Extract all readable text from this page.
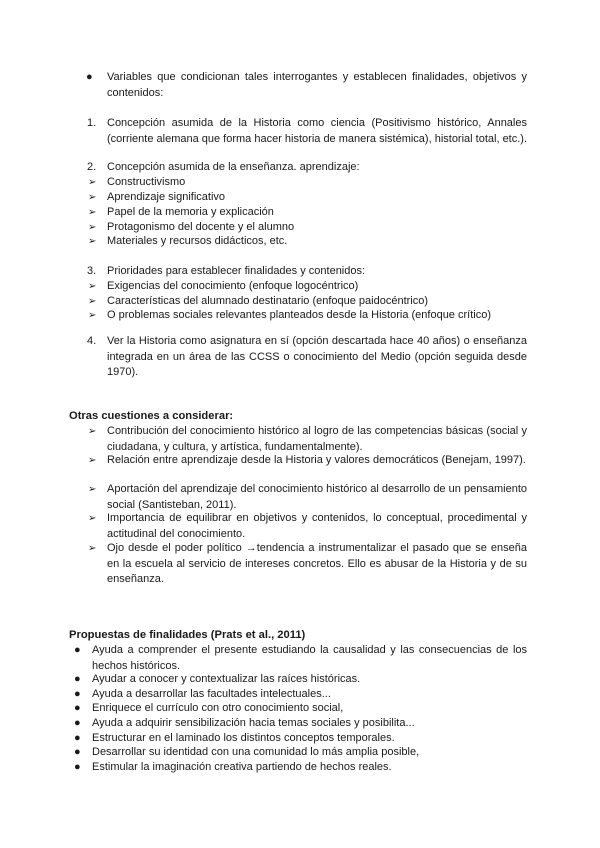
● Variables que condicionan tales interrogantes y establecen finalidades, objetivos y contenidos:
1. Concepción asumida de la Historia como ciencia (Positivismo histórico, Annales (corriente alemana que forma hacer historia de manera sistémica), historial total, etc.).
2. Concepción asumida de la enseñanza. aprendizaje:
➢ Constructivismo
➢ Aprendizaje significativo
➢ Papel de la memoria y explicación
➢ Protagonismo del docente y el alumno
➢ Materiales y recursos didácticos, etc.
3. Prioridades para establecer finalidades y contenidos:
➢ Exigencias del conocimiento (enfoque logocéntrico)
➢ Características del alumnado destinatario (enfoque paidocéntrico)
➢ O problemas sociales relevantes planteados desde la Historia (enfoque crítico)
4. Ver la Historia como asignatura en sí (opción descartada hace 40 años) o enseñanza integrada en un área de las CCSS o conocimiento del Medio (opción seguida desde 1970).
Otras cuestiones a considerar:
➢ Contribución del conocimiento histórico al logro de las competencias básicas (social y ciudadana, y cultura, y artística, fundamentalmente).
➢ Relación entre aprendizaje desde la Historia y valores democráticos (Benejam, 1997).
➢ Aportación del aprendizaje del conocimiento histórico al desarrollo de un pensamiento social (Santisteban, 2011).
➢ Importancia de equilibrar en objetivos y contenidos, lo conceptual, procedimental y actitudinal del conocimiento.
➢ Ojo desde el poder político →tendencia a instrumentalizar el pasado que se enseña en la escuela al servicio de intereses concretos. Ello es abusar de la Historia y de su enseñanza.
Propuestas de finalidades (Prats et al., 2011)
● Ayuda a comprender el presente estudiando la causalidad y las consecuencias de los hechos históricos.
● Ayudar a conocer y contextualizar las raíces históricas.
● Ayuda a desarrollar las facultades intelectuales...
● Enriquece el currículo con otro conocimiento social,
● Ayuda a adquirir sensibilización hacia temas sociales y posibilita...
● Estructurar en el laminado los distintos conceptos temporales.
● Desarrollar su identidad con una comunidad lo más amplia posible,
● Estimular la imaginación creativa partiendo de hechos reales.
